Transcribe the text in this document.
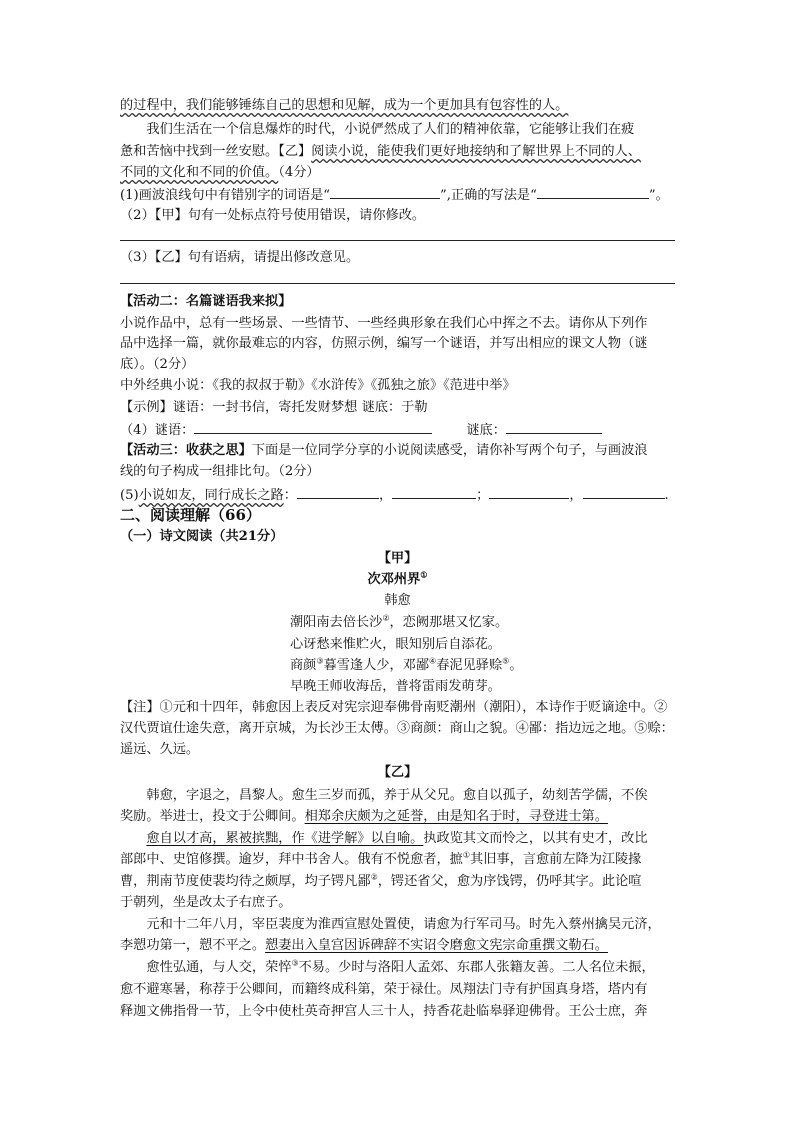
的过程中，我们能够锤练自己的思想和见解，成为一个更加具有包容性的人。
我们生活在一个信息爆炸的时代，小说俨然成了人们的精神依靠，它能够让我们在疲
惫和苦恼中找到一丝安慰。【乙】阅读小说，能使我们更好地接纳和了解世界上不同的人、
不同的文化和不同的价值。（4分）
(1)画波浪线句中有错别字的词语是“	”,正确的写法是“	”。
（2）【甲】句有一处标点符号使用错误，请你修改。
（3）【乙】句有语病，请提出修改意见。
【活动二：名篇谜语我来拟】
小说作品中，总有一些场景、一些情节、一些经典形象在我们心中挥之不去。请你从下列作
品中选择一篇，就你最难忘的内容，仿照示例，编写一个谜语，并写出相应的课文人物（谜
底）。（2分）
中外经典小说：《我的叔叔于勒》《水浒传》《孤独之旅》《范进中举》
【示例】谜语：一封书信，寄托发财梦想 谜底：于勒
（4）谜语：	谜底：
【活动三：收获之思】下面是一位同学分享的小说阅读感受，请你补写两个句子，与画波浪
线的句子构成一组排比句。（2分）
(5)小说如友，同行成长之路：	，	；	，	.
二、阅读理解（66）
（一）诗文阅读（共21分）
【甲】
次邓州界①
韩愈
潮阳南去倍长沙②，恋阙那堪又忆家。
心讶愁来惟贮火，眼知别后自添花。
商颜③暮雪逢人少，邓鄙④春泥见驿赊⑤。
早晚王师收海岳，普将雷雨发萌芽。
【注】①元和十四年，韩愈因上表反对宪宗迎奉佛骨南贬潮州（潮阳），本诗作于贬谪途中。②
汉代贾谊仕途失意，离开京城，为长沙王太傅。③商颜：商山之貌。④鄙：指边远之地。⑤赊：
遥远、久远。
【乙】
韩愈，字退之，昌黎人。愈生三岁而孤，养于从父兄。愈自以孤子，幼刻苦学儒，不俟
奖励。举进士，投文于公卿间。相郑余庆颇为之延誉，由是知名于时，寻登进士第。
愈自以才高，累被摈黜，作《进学解》以自喻。执政览其文而怜之，以其有史才，改比
部郎中、史馆修撰。逾岁，拜中书舍人。俄有不悦愈者，摭①其旧事，言愈前左降为江陵掾
曹，荆南节度使裴均待之颇厚，均子锷凡鄙②，锷还省父，愈为序饯锷，仍呼其字。此论喧
于朝列，坐是改太子右庶子。
元和十二年八月，宰臣裴度为淮西宣慰处置使，请愈为行军司马。时先入蔡州擒吴元济，
李愬功第一，愬不平之。愬妻出入皇宫因诉碑辞不实诏令磨愈文宪宗命重撰文勒石。
愈性弘通，与人交，荣悴③不易。少时与洛阳人孟郊、东郡人张籍友善。二人名位未振，
愈不避寒暑，称荐于公卿间，而籍终成科第，荣于禄仕。凤翔法门寺有护国真身塔，塔内有
释迦文佛指骨一节，上令中使杜英奇押宫人三十人，持香花赴临皋驿迎佛骨。王公士庶，奔
